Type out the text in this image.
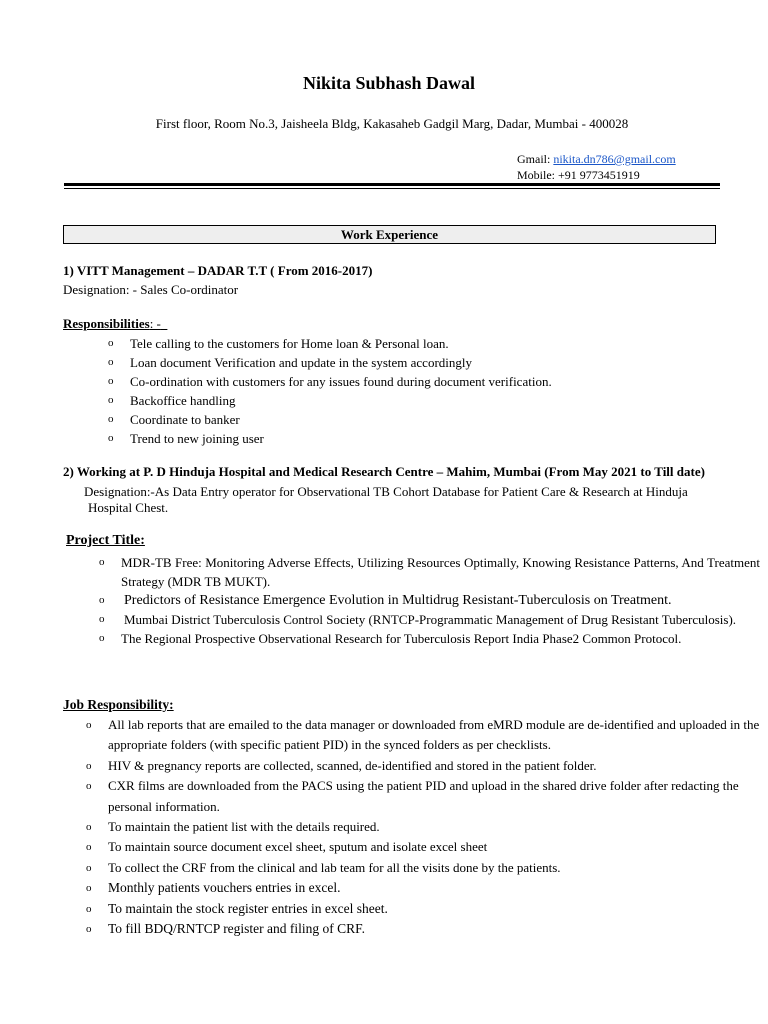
Nikita Subhash Dawal
First floor, Room No.3, Jaisheela Bldg, Kakasaheb Gadgil Marg, Dadar, Mumbai - 400028
Gmail: nikita.dn786@gmail.com
Mobile: +91 9773451919
Work Experience
1) VITT Management – DADAR T.T ( From 2016-2017)
Designation: - Sales Co-ordinator
Responsibilities: -
o Tele calling to the customers for Home loan & Personal loan.
o Loan document Verification and update in the system accordingly
o Co-ordination with customers for any issues found during document verification.
o Backoffice handling
o Coordinate to banker
o Trend to new joining user
2) Working at P. D Hinduja Hospital and Medical Research Centre – Mahim, Mumbai (From May 2021 to Till date)
Designation:-As Data Entry operator for Observational TB Cohort Database for Patient Care & Research at Hinduja
Hospital Chest.
Project Title:
o MDR-TB Free: Monitoring Adverse Effects, Utilizing Resources Optimally, Knowing Resistance Patterns, And Treatment Strategy (MDR TB MUKT).
o Predictors of Resistance Emergence Evolution in Multidrug Resistant-Tuberculosis on Treatment.
o Mumbai District Tuberculosis Control Society (RNTCP-Programmatic Management of Drug Resistant Tuberculosis).
o The Regional Prospective Observational Research for Tuberculosis Report India Phase2 Common Protocol.
Job Responsibility:
o All lab reports that are emailed to the data manager or downloaded from eMRD module are de-identified and uploaded in the appropriate folders (with specific patient PID) in the synced folders as per checklists.
o HIV & pregnancy reports are collected, scanned, de-identified and stored in the patient folder.
o CXR films are downloaded from the PACS using the patient PID and upload in the shared drive folder after redacting the personal information.
o To maintain the patient list with the details required.
o To maintain source document excel sheet, sputum and isolate excel sheet
o To collect the CRF from the clinical and lab team for all the visits done by the patients.
o Monthly patients vouchers entries in excel.
o To maintain the stock register entries in excel sheet.
o To fill BDQ/RNTCP register and filing of CRF.
